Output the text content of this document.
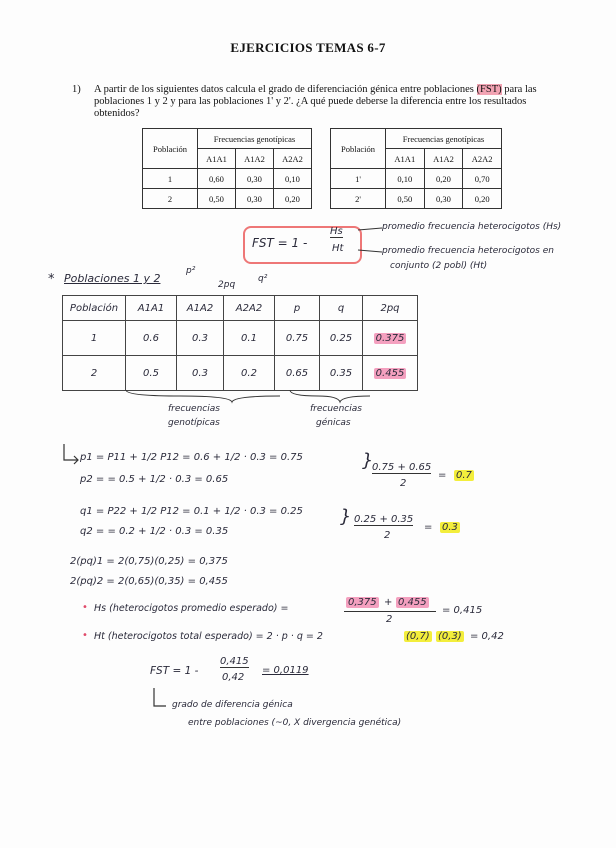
EJERCICIOS TEMAS 6-7
1) A partir de los siguientes datos calcula el grado de diferenciación génica entre poblaciones (FST) para las

poblaciones 1 y 2 y para las poblaciones 1' y 2'. ¿A qué puede deberse la diferencia entre los resultados

obtenidos?

Población	Frecuencias genotípicas		
	A1A1	A1A2	A2A2
1	0,60	0,30	0,10
2	0,50	0,30	0,20
Población	Frecuencias genotípicas		
	A1A1	A1A2	A2A2
1'	0,10	0,20	0,70
2'	0,50	0,30	0,20
FST = 1 -
Hs
Ht
promedio frecuencia heterocigotos (Hs)
promedio frecuencia heterocigotos en
conjunto (2 pobl) (Ht)
* Poblaciones 1 y 2
p²
2pq
q²
Población	A1A1	A1A2	A2A2	p	q	2pq
1	0.6	0.3	0.1	0.75	0.25	0.375
2	0.5	0.3	0.2	0.65	0.35	0.455
frecuencias
genotípicas
frecuencias
génicas
p1 = P11 + 1/2 P12 = 0.6 + 1/2 · 0.3 = 0.75
p2 = = 0.5 + 1/2 · 0.3 = 0.65
}
0.75 + 0.65
2
= 0.7
q1 = P22 + 1/2 P12 = 0.1 + 1/2 · 0.3 = 0.25
q2 = = 0.2 + 1/2 · 0.3 = 0.35
} 0.25 + 0.35
2
= 0.3
2(pq)1 = 2(0,75)(0,25) = 0,375
2(pq)2 = 2(0,65)(0,35) = 0,455
• Hs (heterocigotos promedio esperado) =
0,375 + 0,455
2
= 0,415
• Ht (heterocigotos total esperado) = 2 · p · q = 2	(0,7) (0,3) = 0,42
FST = 1 -
0,415
0,42
= 0,0119
grado de diferencia génica
entre poblaciones (~0, X divergencia genética)
